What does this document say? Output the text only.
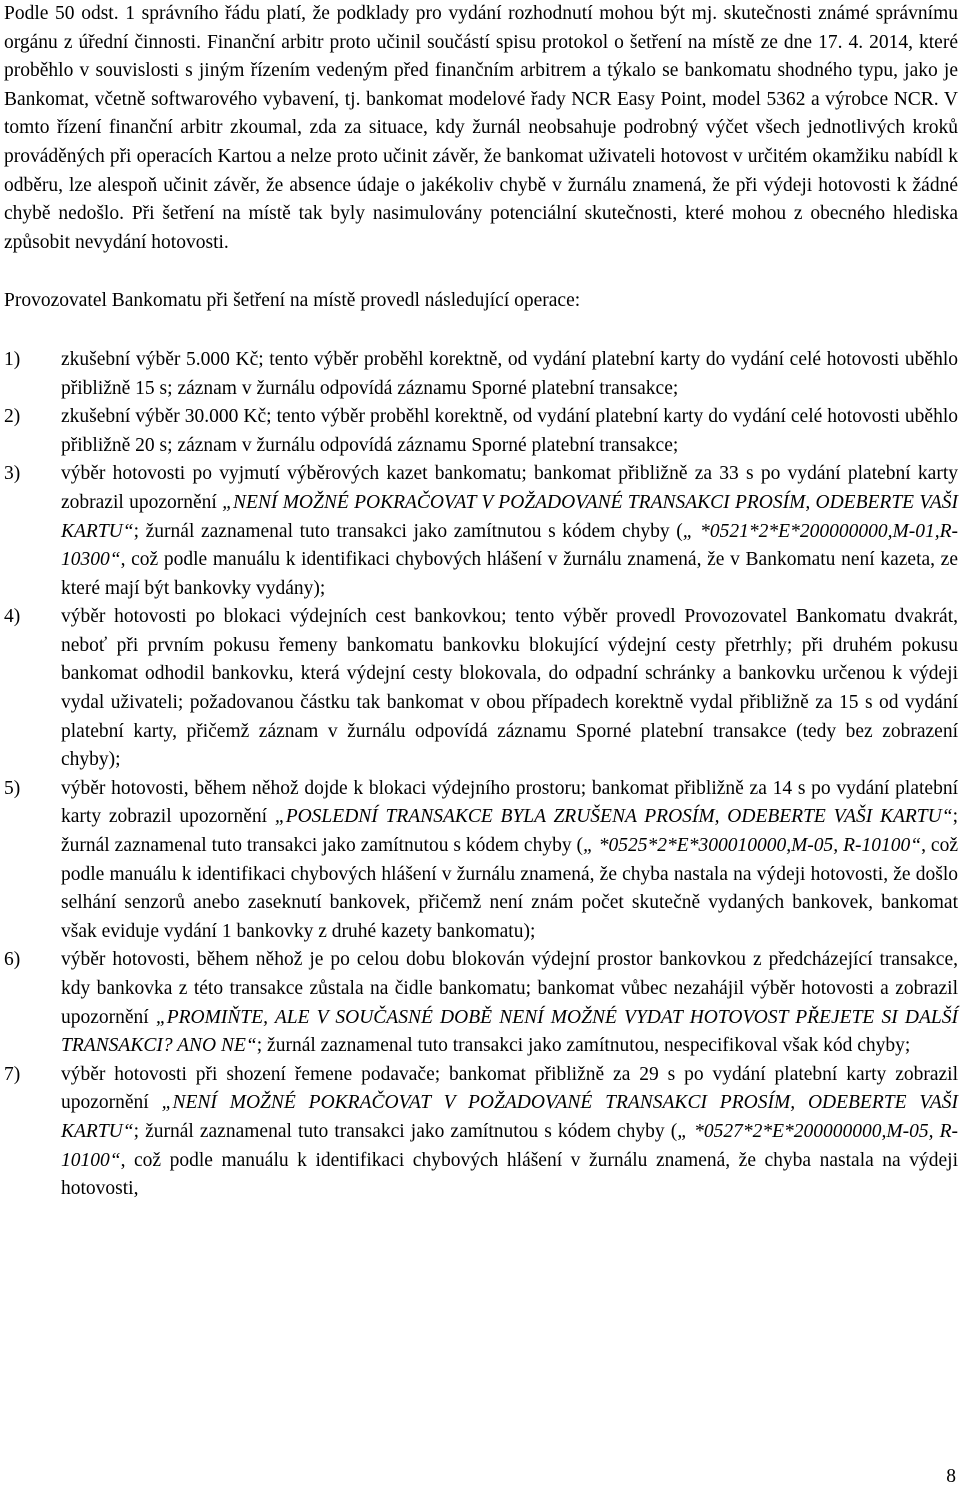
Podle 50 odst. 1 správního řádu platí, že podklady pro vydání rozhodnutí mohou být mj. skutečnosti známé správnímu orgánu z úřední činnosti. Finanční arbitr proto učinil součástí spisu protokol o šetření na místě ze dne 17. 4. 2014, které proběhlo v souvislosti s jiným řízením vedeným před finančním arbitrem a týkalo se bankomatu shodného typu, jako je Bankomat, včetně softwarového vybavení, tj. bankomat modelové řady NCR Easy Point, model 5362 a výrobce NCR. V tomto řízení finanční arbitr zkoumal, zda za situace, kdy žurnál neobsahuje podrobný výčet všech jednotlivých kroků prováděných při operacích Kartou a nelze proto učinit závěr, že bankomat uživateli hotovost v určitém okamžiku nabídl k odběru, lze alespoň učinit závěr, že absence údaje o jakékoliv chybě v žurnálu znamená, že při výdeji hotovosti k žádné chybě nedošlo. Při šetření na místě tak byly nasimulovány potenciální skutečnosti, které mohou z obecného hlediska způsobit nevydání hotovosti.

Provozovatel Bankomatu při šetření na místě provedl následující operace:

1) zkušební výběr 5.000 Kč; tento výběr proběhl korektně, od vydání platební karty do vydání celé hotovosti uběhlo přibližně 15 s; záznam v žurnálu odpovídá záznamu Sporné platební transakce;
2) zkušební výběr 30.000 Kč; tento výběr proběhl korektně, od vydání platební karty do vydání celé hotovosti uběhlo přibližně 20 s; záznam v žurnálu odpovídá záznamu Sporné platební transakce;
3) výběr hotovosti po vyjmutí výběrových kazet bankomatu; bankomat přibližně za 33 s po vydání platební karty zobrazil upozornění „NENÍ MOŽNÉ POKRAČOVAT V POŽADOVANÉ TRANSAKCI PROSÍM, ODEBERTE VAŠI KARTU“; žurnál zaznamenal tuto transakci jako zamítnutou s kódem chyby („ *0521*2*E*200000000,M-01,R-10300“, což podle manuálu k identifikaci chybových hlášení v žurnálu znamená, že v Bankomatu není kazeta, ze které mají být bankovky vydány);
4) výběr hotovosti po blokaci výdejních cest bankovkou; tento výběr provedl Provozovatel Bankomatu dvakrát, neboť při prvním pokusu řemeny bankomatu bankovku blokující výdejní cesty přetrhly; při druhém pokusu bankomat odhodil bankovku, která výdejní cesty blokovala, do odpadní schránky a bankovku určenou k výdeji vydal uživateli; požadovanou částku tak bankomat v obou případech korektně vydal přibližně za 15 s od vydání platební karty, přičemž záznam v žurnálu odpovídá záznamu Sporné platební transakce (tedy bez zobrazení chyby);
5) výběr hotovosti, během něhož dojde k blokaci výdejního prostoru; bankomat přibližně za 14 s po vydání platební karty zobrazil upozornění „POSLEDNÍ TRANSAKCE BYLA ZRUŠENA PROSÍM, ODEBERTE VAŠI KARTU“; žurnál zaznamenal tuto transakci jako zamítnutou s kódem chyby („ *0525*2*E*300010000,M-05, R-10100“, což podle manuálu k identifikaci chybových hlášení v žurnálu znamená, že chyba nastala na výdeji hotovosti, že došlo selhání senzorů anebo zaseknutí bankovek, přičemž není znám počet skutečně vydaných bankovek, bankomat však eviduje vydání 1 bankovky z druhé kazety bankomatu);
6) výběr hotovosti, během něhož je po celou dobu blokován výdejní prostor bankovkou z předcházející transakce, kdy bankovka z této transakce zůstala na čidle bankomatu; bankomat vůbec nezahájil výběr hotovosti a zobrazil upozornění „PROMIŇTE, ALE V SOUČASNÉ DOBĚ NENÍ MOŽNÉ VYDAT HOTOVOST PŘEJETE SI DALŠÍ TRANSAKCI? ANO NE“; žurnál zaznamenal tuto transakci jako zamítnutou, nespecifikoval však kód chyby;
7) výběr hotovosti při shození řemene podavače; bankomat přibližně za 29 s po vydání platební karty zobrazil upozornění „NENÍ MOŽNÉ POKRAČOVAT V POŽADOVANÉ TRANSAKCI PROSÍM, ODEBERTE VAŠI KARTU“; žurnál zaznamenal tuto transakci jako zamítnutou s kódem chyby („ *0527*2*E*200000000,M-05, R-10100“, což podle manuálu k identifikaci chybových hlášení v žurnálu znamená, že chyba nastala na výdeji hotovosti,
8
